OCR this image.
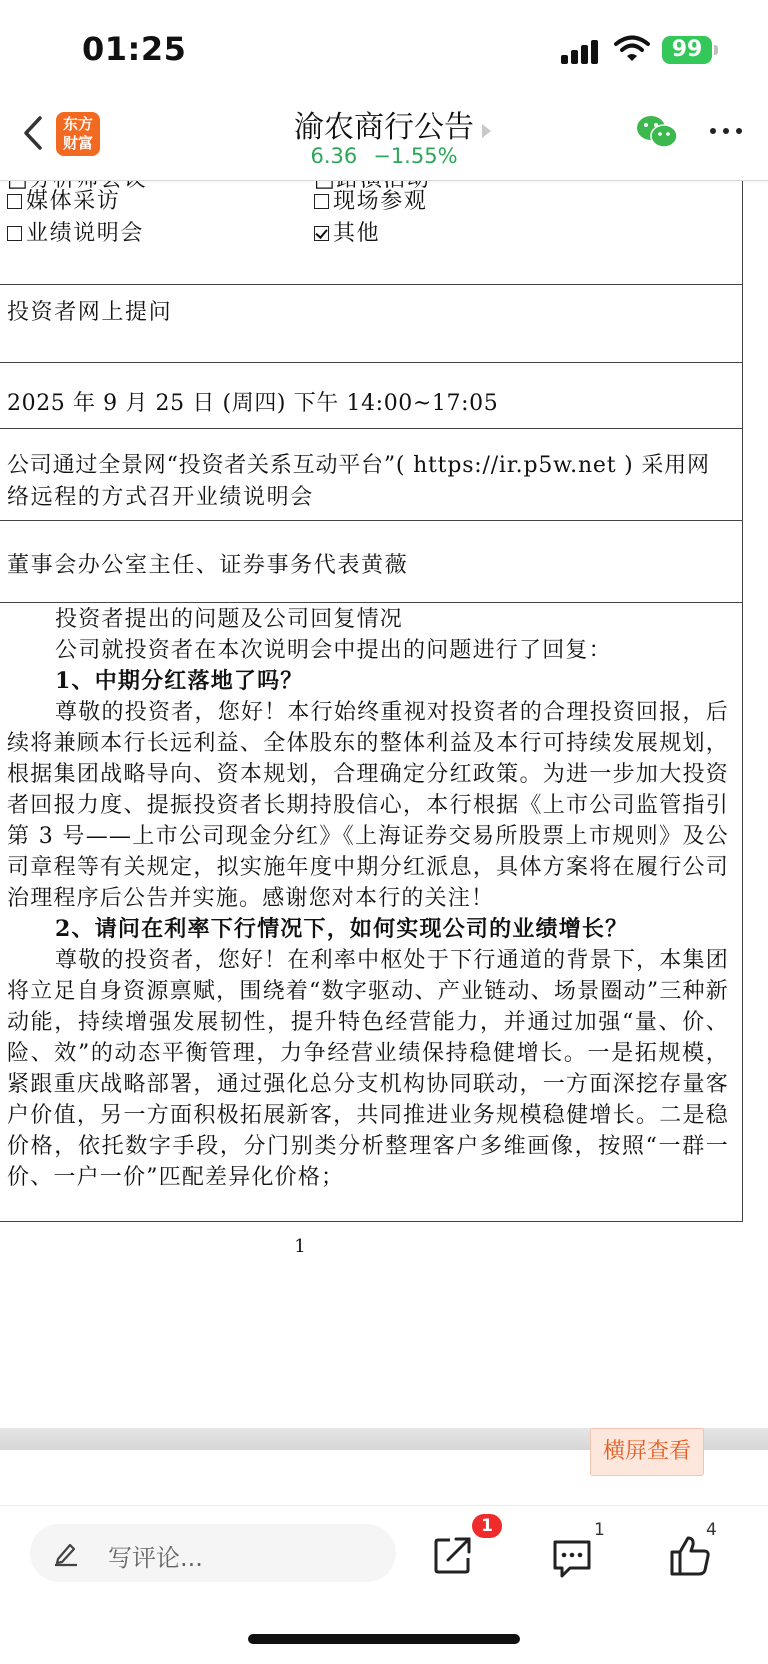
01:25	99
东方
财富	渝农商行公告
6.36 −1.55%
媒体采访	现场参观
业绩说明会	其他
投资者网上提问
2025 年 9 月 25 日 (周四) 下午 14:00~17:05
公司通过全景网“投资者关系互动平台”( https://ir.p5w.net ) 采用网
络远程的方式召开业绩说明会
董事会办公室主任、证券事务代表黄薇

投资者提出的问题及公司回复情况

公司就投资者在本次说明会中提出的问题进行了回复：

1、中期分红落地了吗？

尊敬的投资者，您好！本行始终重视对投资者的合理投资回报，后续将兼顾本行长远利益、全体股东的整体利益及本行可持续发展规划，根据集团战略导向、资本规划，合理确定分红政策。为进一步加大投资者回报力度、提振投资者长期持股信心，本行根据《上市公司监管指引第 3 号——上市公司现金分红》《上海证券交易所股票上市规则》及公司章程等有关规定，拟实施年度中期分红派息，具体方案将在履行公司治理程序后公告并实施。感谢您对本行的关注！

2、请问在利率下行情况下，如何实现公司的业绩增长？

尊敬的投资者，您好！在利率中枢处于下行通道的背景下，本集团将立足自身资源禀赋，围绕着“数字驱动、产业链动、场景圈动”三种新动能，持续增强发展韧性，提升特色经营能力，并通过加强“量、价、险、效”的动态平衡管理，力争经营业绩保持稳健增长。一是拓规模，紧跟重庆战略部署，通过强化总分支机构协同联动，一方面深挖存量客户价值，另一方面积极拓展新客，共同推进业务规模稳健增长。二是稳价格，依托数字手段，分门别类分析整理客户多维画像，按照“一群一价、一户一价”匹配差异化价格；

1
横屏查看
写评论...
1	1	4
